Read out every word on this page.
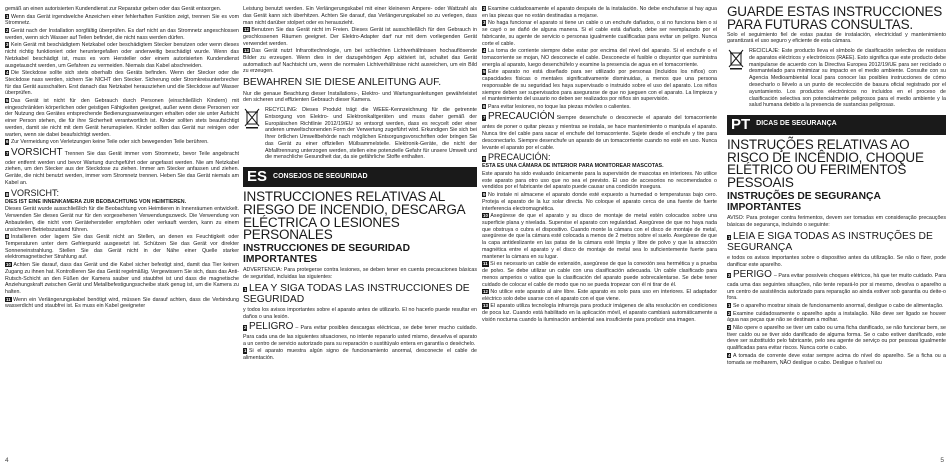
gemäß an einen autorisierten Kundendienst zur Reparatur geben oder das Gerät entsorgen.

1 Wenn das Gerät irgendwelche Anzeichen einer fehlerhaften Funktion zeigt, trennen Sie es vom Stromnetz.

2 Gerät nach der Installation sorgfältig überprüfen. Es darf nicht an das Stromnetz angeschlossen werden, wenn sich Wasser auf Teilen befindet, die nicht nass werden dürfen.

3 Kein Gerät mit beschädigtem Netzkabel oder beschädigtem Stecker benutzen oder wenn dieses nicht richtig funktioniert oder heruntergefallen oder anderweitig beschädigt wurde. Wenn das Netzkabel beschädigt ist, muss es vom Hersteller oder einem autorisierten Kundendienst ausgetauscht werden, um Gefahren zu vermeiden. Niemals das Kabel abschneiden.

4 Die Steckdose sollte sich stets oberhalb des Geräts befinden. Wenn der Stecker oder die Steckdose nass werden, sichern Sie NICHT den Stecker. Sicherung oder Stromkreisunterbrecher für das Gerät ausschalten. Erst danach das Netzkabel herausziehen und die Steckdose auf Wasser überprüfen.

5 Das Gerät ist nicht für den Gebrauch durch Personen (einschließlich Kindern) mit eingeschränkten körperlichen oder geistigen Fähigkeiten geeignet, außer wenn diese Personen vor der Nutzung des Gerätes entsprechende Bedienungsanweisungen erhalten oder sie unter Aufsicht einer Person stehen, die für ihre Sicherheit verantwortlich ist. Kinder sollten stets beaufsichtigt werden, damit sie nicht mit dem Gerät herumspielen. Kinder sollten das Gerät nur reinigen oder warten, wenn sie dabei beaufsichtigt werden.

6 Zur Vermeidung von Verletzungen keine Teile oder sich bewegenden Teile berühren.

7 VORSICHT Trennen Sie das Gerät immer vom Stromnetz, bevor Teile angebracht oder entfernt werden und bevor Wartung durchgeführt oder angefasst werden. Nie am Netzkabel ziehen, um den Stecker aus der Steckdose zu ziehen. Immer am Stecker anfassen und ziehen. Geräte, die nicht benutzt werden, immer vom Stromnetz trennen. Heben Sie das Gerät niemals am Kabel an.

8 VORSICHT:

DIES IST EINE INNENKAMERA ZUR BEOBACHTUNG VON HEIMTIEREN.

Dieses Gerät wurde ausschließlich für die Beobachtung von Heimtieren in Innenräumen entwickelt. Verwenden Sie dieses Gerät nur für den vorgesehenen Verwendungszweck. Die Verwendung von Anbauteilen, die nicht vom Gerätehersteller empfohlen oder verkauft werden, kann zu einem unsicheren Betriebszustand führen.

9 Installieren oder lagern Sie das Gerät nicht an Stellen, an denen es Feuchtigkeit oder Temperaturen unter dem Gefrierpunkt ausgesetzt ist. Schützen Sie das Gerät vor direkter Sonneneinstrahlung. Stellen Sie das Gerät nicht in der Nähe einer Quelle starker elektromagnetischer Strahlung auf.

10 Achten Sie darauf, dass das Gerät und die Kabel sicher befestigt sind, damit das Tier keinen Zugang zu ihnen hat. Kontrollieren Sie das Gerät regelmäßig. Vergewissern Sie sich, dass das Anti-Rutsch-Schicht an den Füßen der Kamera sauber und staubfrei ist und dass die magnetische Anziehungskraft zwischen Gerät und Metallbefestigungsscheibe stark genug ist, um die Kamera zu halten.

11 Wenn ein Verlängerungskabel benötigt wird, müssen Sie darauf achten, dass die Verbindung wasserdicht und staubfrei ist. Es muss ein Kabel geeigneter

Leistung benutzt werden. Ein Verlängerungskabel mit einer kleineren Ampere- oder Wattzahl als das Gerät kann sich überhitzen. Achten Sie darauf, das Verlängerungskabel so zu verlegen, dass man nicht darüber stolpert oder es herauszieht.

12 Benutzen Sie das Gerät nicht im Freien. Dieses Gerät ist ausschließlich für den Gebrauch in geschlossenen Räumen geeignet. Der Elektro-Adapter darf nur mit dem vorliegenden Gerät verwendet werden.

13 Das Gerät nutzt Infrarottechnologie, um bei schlechten Lichtverhältnissen hochauflösende Bilder zu erzeugen. Wenn dies in der dazugehörigen App aktiviert ist, schaltet das Gerät automatisch auf Nachtsicht um, wenn die normalen Lichtverhältnisse nicht ausreichen, um ein Bild zu erzeugen.

BEWAHREN SIE DIESE ANLEITUNG AUF.

Nur die genaue Beachtung dieser Installations-, Elektro- und Wartungsanleitungen gewährleistet den sicheren und effizienten Gebrauch dieser Kamera.

RECYCLING: Dieses Produkt trägt die WEEE-Kennzeichnung für die getrennte Entsorgung von Elektro- und Elektronikaltgeräten und muss daher gemäß der Europäischen Richtlinie 2012/19/EU so entsorgt werden, dass es recycelt oder einer anderen umweltschonenden Form der Verwertung zugeführt wird. Erkundigen Sie sich bei Ihrer örtlichen Umweltbehörde nach möglichen Entsorgungsvorschriften oder bringen Sie das Gerät zu einer offiziellen Müllsammelstelle. Elektronik-Geräte, die nicht der Abfalltrennung unterzogen werden, stellen eine potenzielle Gefahr für unsere Umwelt und die menschliche Gesundheit dar, da sie gefährliche Stoffe enthalten.

ES CONSEJOS DE SEGURIDAD
INSTRUCCIONES RELATIVAS AL RIESGO DE INCENDIO, DESCARGA ELÉCTRICA O LESIONES PERSONALES
INSTRUCCIONES DE SEGURIDAD IMPORTANTES

ADVERTENCIA: Para protegerse contra lesiones, se deben tener en cuenta precauciones básicas de seguridad, incluidas las siguientes:

1 LEA Y SIGA TODAS LAS INSTRUCCIONES DE SEGURIDAD

y todos los avisos importantes sobre el aparato antes de utilizarlo. El no hacerlo puede resultar en daños o una lesión.

2 PELIGRO – Para evitar posibles descargas eléctricas, se debe tener mucho cuidado. Para cada una de las siguientes situaciones, no intente repararlo usted mismo, devuelva el aparato a un centro de servicio autorizado para su reparación o sustitúyalo entera en garantía o deséchelo.

1 Si el aparato muestra algún signo de funcionamiento anormal, desconecte el cable de alimentación.

2 Examine cuidadosamente el aparato después de la instalación. No debe enchufarse si hay agua en las piezas que no están destinadas a mojarse.

3 No haga funcionar el aparato si tiene un cable o un enchufe dañados, o si no funciona bien o si se cayó o se dañó de alguna manera. Si el cable está dañado, debe ser reemplazado por el fabricante, su agente de servicio o personas igualmente cualificadas para evitar un peligro. Nunca corte el cable.

4 La toma de corriente siempre debe estar por encima del nivel del aparato. Si el enchufe o el tomacorriente se mojan, NO desconecte el cable. Desconecte el fusible o disyuntor que suministra energía al aparato, luego desenchúfelo y examine la presencia de agua en el tomacorriente.

5 Este aparato no está diseñado para ser utilizado por personas (incluidos los niños) con capacidades físicas o mentales significativamente disminuidas, a menos que una persona responsable de su seguridad les haya supervisado o instruido sobre el uso del aparato. Los niños siempre deben ser supervisados para asegurarse de que no jueguen con el aparato. La limpieza y el mantenimiento del usuario no deben ser realizados por niños sin supervisión.

6 Para evitar lesiones, no toque las piezas móviles o calientes.

7 PRECAUCIÓN Siempre desenchufe o desconecte el aparato del tomacorriente antes de poner o quitar piezas y mientras se instala, se hace mantenimiento o manipula el aparato. Nunca tire del cable para sacar el enchufe del tomacorriente. Sujete desde el enchufe y tire para desconectarlo. Siempre desenchufe un aparato de un tomacorriente cuando no esté en uso. Nunca levante el aparato por el cable.

8 PRECAUCIÓN:

ESTA ES UNA CÁMARA DE INTERIOR PARA MONITOREAR MASCOTAS.

Este aparato ha sido evaluado únicamente para la supervisión de mascotas en interiores. No utilice este aparato para otro uso que no sea el previsto. El uso de accesorios no recomendados o vendidos por el fabricante del aparato puede causar una condición insegura.

9 No instale ni almacene el aparato donde esté expuesto a humedad o temperaturas bajo cero. Proteja el aparato de la luz solar directa. No coloque el aparato cerca de una fuente de fuerte interferencia electromagnética.

10 Asegúrese de que el aparato y su disco de montaje de metal estén colocados sobre una superficie plana y nivelada. Supervise el aparato con regularidad. Asegúrese de que no haya nada que obstruya o cubra el dispositivo. Cuando monte la cámara con el disco de montaje de metal, asegúrese de que la cámara esté colocada a menos de 2 metros sobre el suelo. Asegúrese de que la capa antideslizante en las patas de la cámara esté limpia y libre de polvo y que la atracción magnética entre el aparato y el disco de montaje de metal sea lo suficientemente fuerte para mantener la cámara en su lugar.

11 Si es necesario un cable de extensión, asegúrese de que la conexión sea hermética y a prueba de polvo. Se debe utilizar un cable con una clasificación adecuada. Un cable clasificado para menos amperios o vatios que la clasificación del aparato puede sobrecalentarse. Se debe tener cuidado de colocar el cable de modo que no se pueda tropezar con él ni tirar de él.

12 No utilice este aparato al aire libre. Este aparato es solo para uso en interiores. El adaptador eléctrico solo debe usarse con el aparato con el que viene.

13 El aparato utiliza tecnología infrarroja para producir imágenes de alta resolución en condiciones de poca luz. Cuando está habilitado en la aplicación móvil, el aparato cambiará automáticamente a visión nocturna cuando la iluminación ambiental sea insuficiente para producir una imagen.

GUARDE ESTAS INSTRUCCIONES PARA FUTURAS CONSULTAS.

Solo el seguimiento fiel de estas pautas de instalación, electricidad y mantenimiento garantizará el uso seguro y eficiente de esta cámara.

RECICLAJE: Este producto lleva el símbolo de clasificación selectiva de residuos de aparatos eléctricos y electrónicos (RAEE). Esto significa que este producto debe manipularse de acuerdo con la Directiva Europea 2012/19/UE para ser reciclado o desmantelado para minimizar su impacto en el medio ambiente. Consulte con su Agencia Medioambiental local para conocer las posibles instrucciones de cómo desecharlo o llévelo a un punto de recolección de basura oficial registrado por el ayuntamiento. Los productos electrónicos no incluidos en el proceso de clasificación selectiva son potencialmente peligrosos para el medio ambiente y la salud humana debido a la presencia de sustancias peligrosas.

PT DICAS DE SEGURANÇA
INSTRUÇÕES RELATIVAS AO RISCO DE INCÊNDIO, CHOQUE ELÉTRICO OU FERIMENTOS PESSOAIS
INSTRUÇÕES DE SEGURANÇA IMPORTANTES

AVISO: Para proteger contra ferimentos, devem ser tomadas em consideração precauções básicas de segurança, incluindo o seguinte:

1 LEIA E SIGA TODAS AS INSTRUÇÕES DE SEGURANÇA

e todos os avisos importantes sobre o dispositivo antes da utilização. Se não o fizer, pode danificar este aparelho.

2 PERIGO – Para evitar possíveis choques elétricos, há que ter muito cuidado. Para cada uma das seguintes situações, não tente repará-lo por si mesmo, devolva o aparelho a um centro de assistência autorizado para reparação ao ainda estiver sob garantia ou deite-o fora.

1 Se o aparelho mostrar sinais de funcionamento anormal, desligue o cabo de alimentação.

2 Examine cuidadosamente o aparelho após a instalação. Não deve ser ligado se houver água nas peças que não se destinam a molhar.

3 Não opere o aparelho se tiver um cabo ou uma ficha danificado, se não funcionar bem, se tiver caído ou se tiver sido danificado de alguma forma. Se o cabo estiver danificado, este deve ser substituído pelo fabricante, pelo seu agente de serviço ou por pessoas igualmente qualificadas para evitar riscos. Nunca corte o cabo.

4 A tomada de corrente deve estar sempre acima do nível do aparelho. Se a ficha ou a tomada se molharem, NÃO desligue o cabo. Desligue o fusível ou

4	5
